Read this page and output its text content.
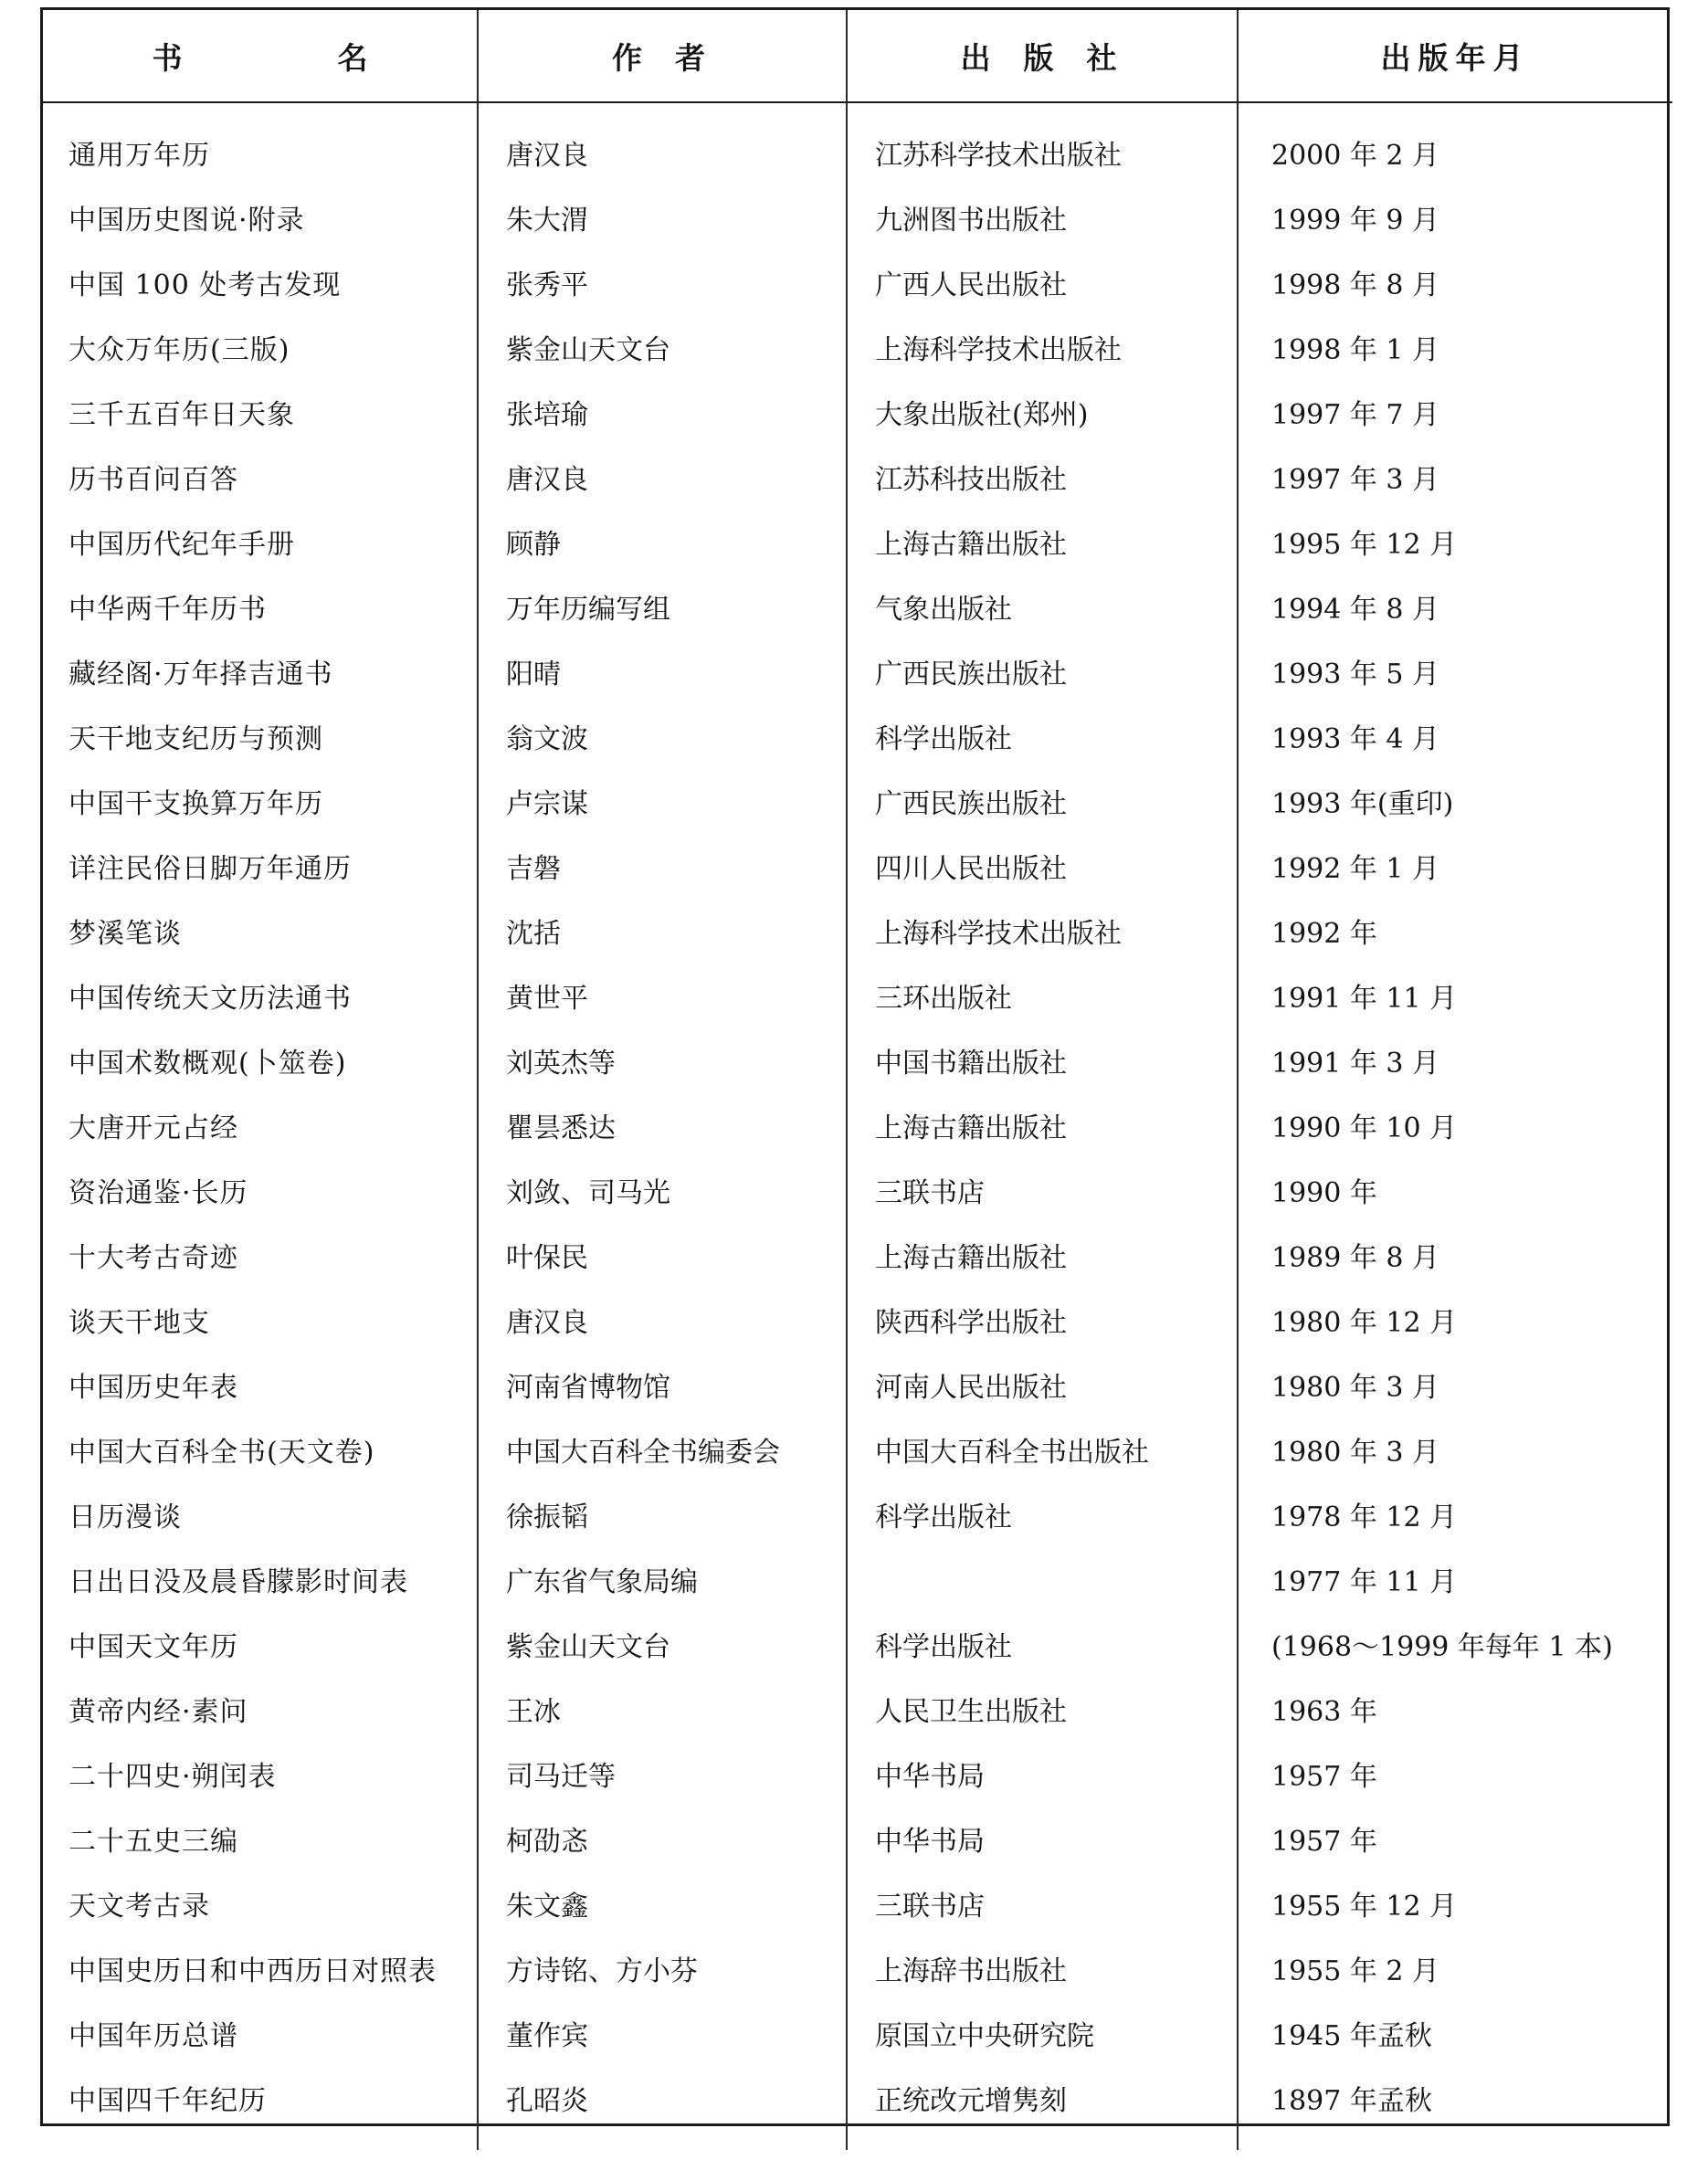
书 名	作 者	出 版 社	出版年月
通用万年历	唐汉良	江苏科学技术出版社	2000 年 2 月
中国历史图说·附录	朱大渭	九洲图书出版社	1999 年 9 月
中国 100 处考古发现	张秀平	广西人民出版社	1998 年 8 月
大众万年历(三版)	紫金山天文台	上海科学技术出版社	1998 年 1 月
三千五百年日天象	张培瑜	大象出版社(郑州)	1997 年 7 月
历书百问百答	唐汉良	江苏科技出版社	1997 年 3 月
中国历代纪年手册	顾静	上海古籍出版社	1995 年 12 月
中华两千年历书	万年历编写组	气象出版社	1994 年 8 月
藏经阁·万年择吉通书	阳晴	广西民族出版社	1993 年 5 月
天干地支纪历与预测	翁文波	科学出版社	1993 年 4 月
中国干支换算万年历	卢宗谋	广西民族出版社	1993 年(重印)
详注民俗日脚万年通历	吉磐	四川人民出版社	1992 年 1 月
梦溪笔谈	沈括	上海科学技术出版社	1992 年
中国传统天文历法通书	黄世平	三环出版社	1991 年 11 月
中国术数概观(卜筮卷)	刘英杰等	中国书籍出版社	1991 年 3 月
大唐开元占经	瞿昙悉达	上海古籍出版社	1990 年 10 月
资治通鉴·长历	刘敛、司马光	三联书店	1990 年
十大考古奇迹	叶保民	上海古籍出版社	1989 年 8 月
谈天干地支	唐汉良	陕西科学出版社	1980 年 12 月
中国历史年表	河南省博物馆	河南人民出版社	1980 年 3 月
中国大百科全书(天文卷)	中国大百科全书编委会	中国大百科全书出版社	1980 年 3 月
日历漫谈	徐振韬	科学出版社	1978 年 12 月
日出日没及晨昏朦影时间表	广东省气象局编		1977 年 11 月
中国天文年历	紫金山天文台	科学出版社	(1968～1999 年每年 1 本)
黄帝内经·素问	王冰	人民卫生出版社	1963 年
二十四史·朔闰表	司马迁等	中华书局	1957 年
二十五史三编	柯劭忞	中华书局	1957 年
天文考古录	朱文鑫	三联书店	1955 年 12 月
中国史历日和中西历日对照表	方诗铭、方小芬	上海辞书出版社	1955 年 2 月
中国年历总谱	董作宾	原国立中央研究院	1945 年孟秋
中国四千年纪历	孔昭炎	正统改元增隽刻	1897 年孟秋
